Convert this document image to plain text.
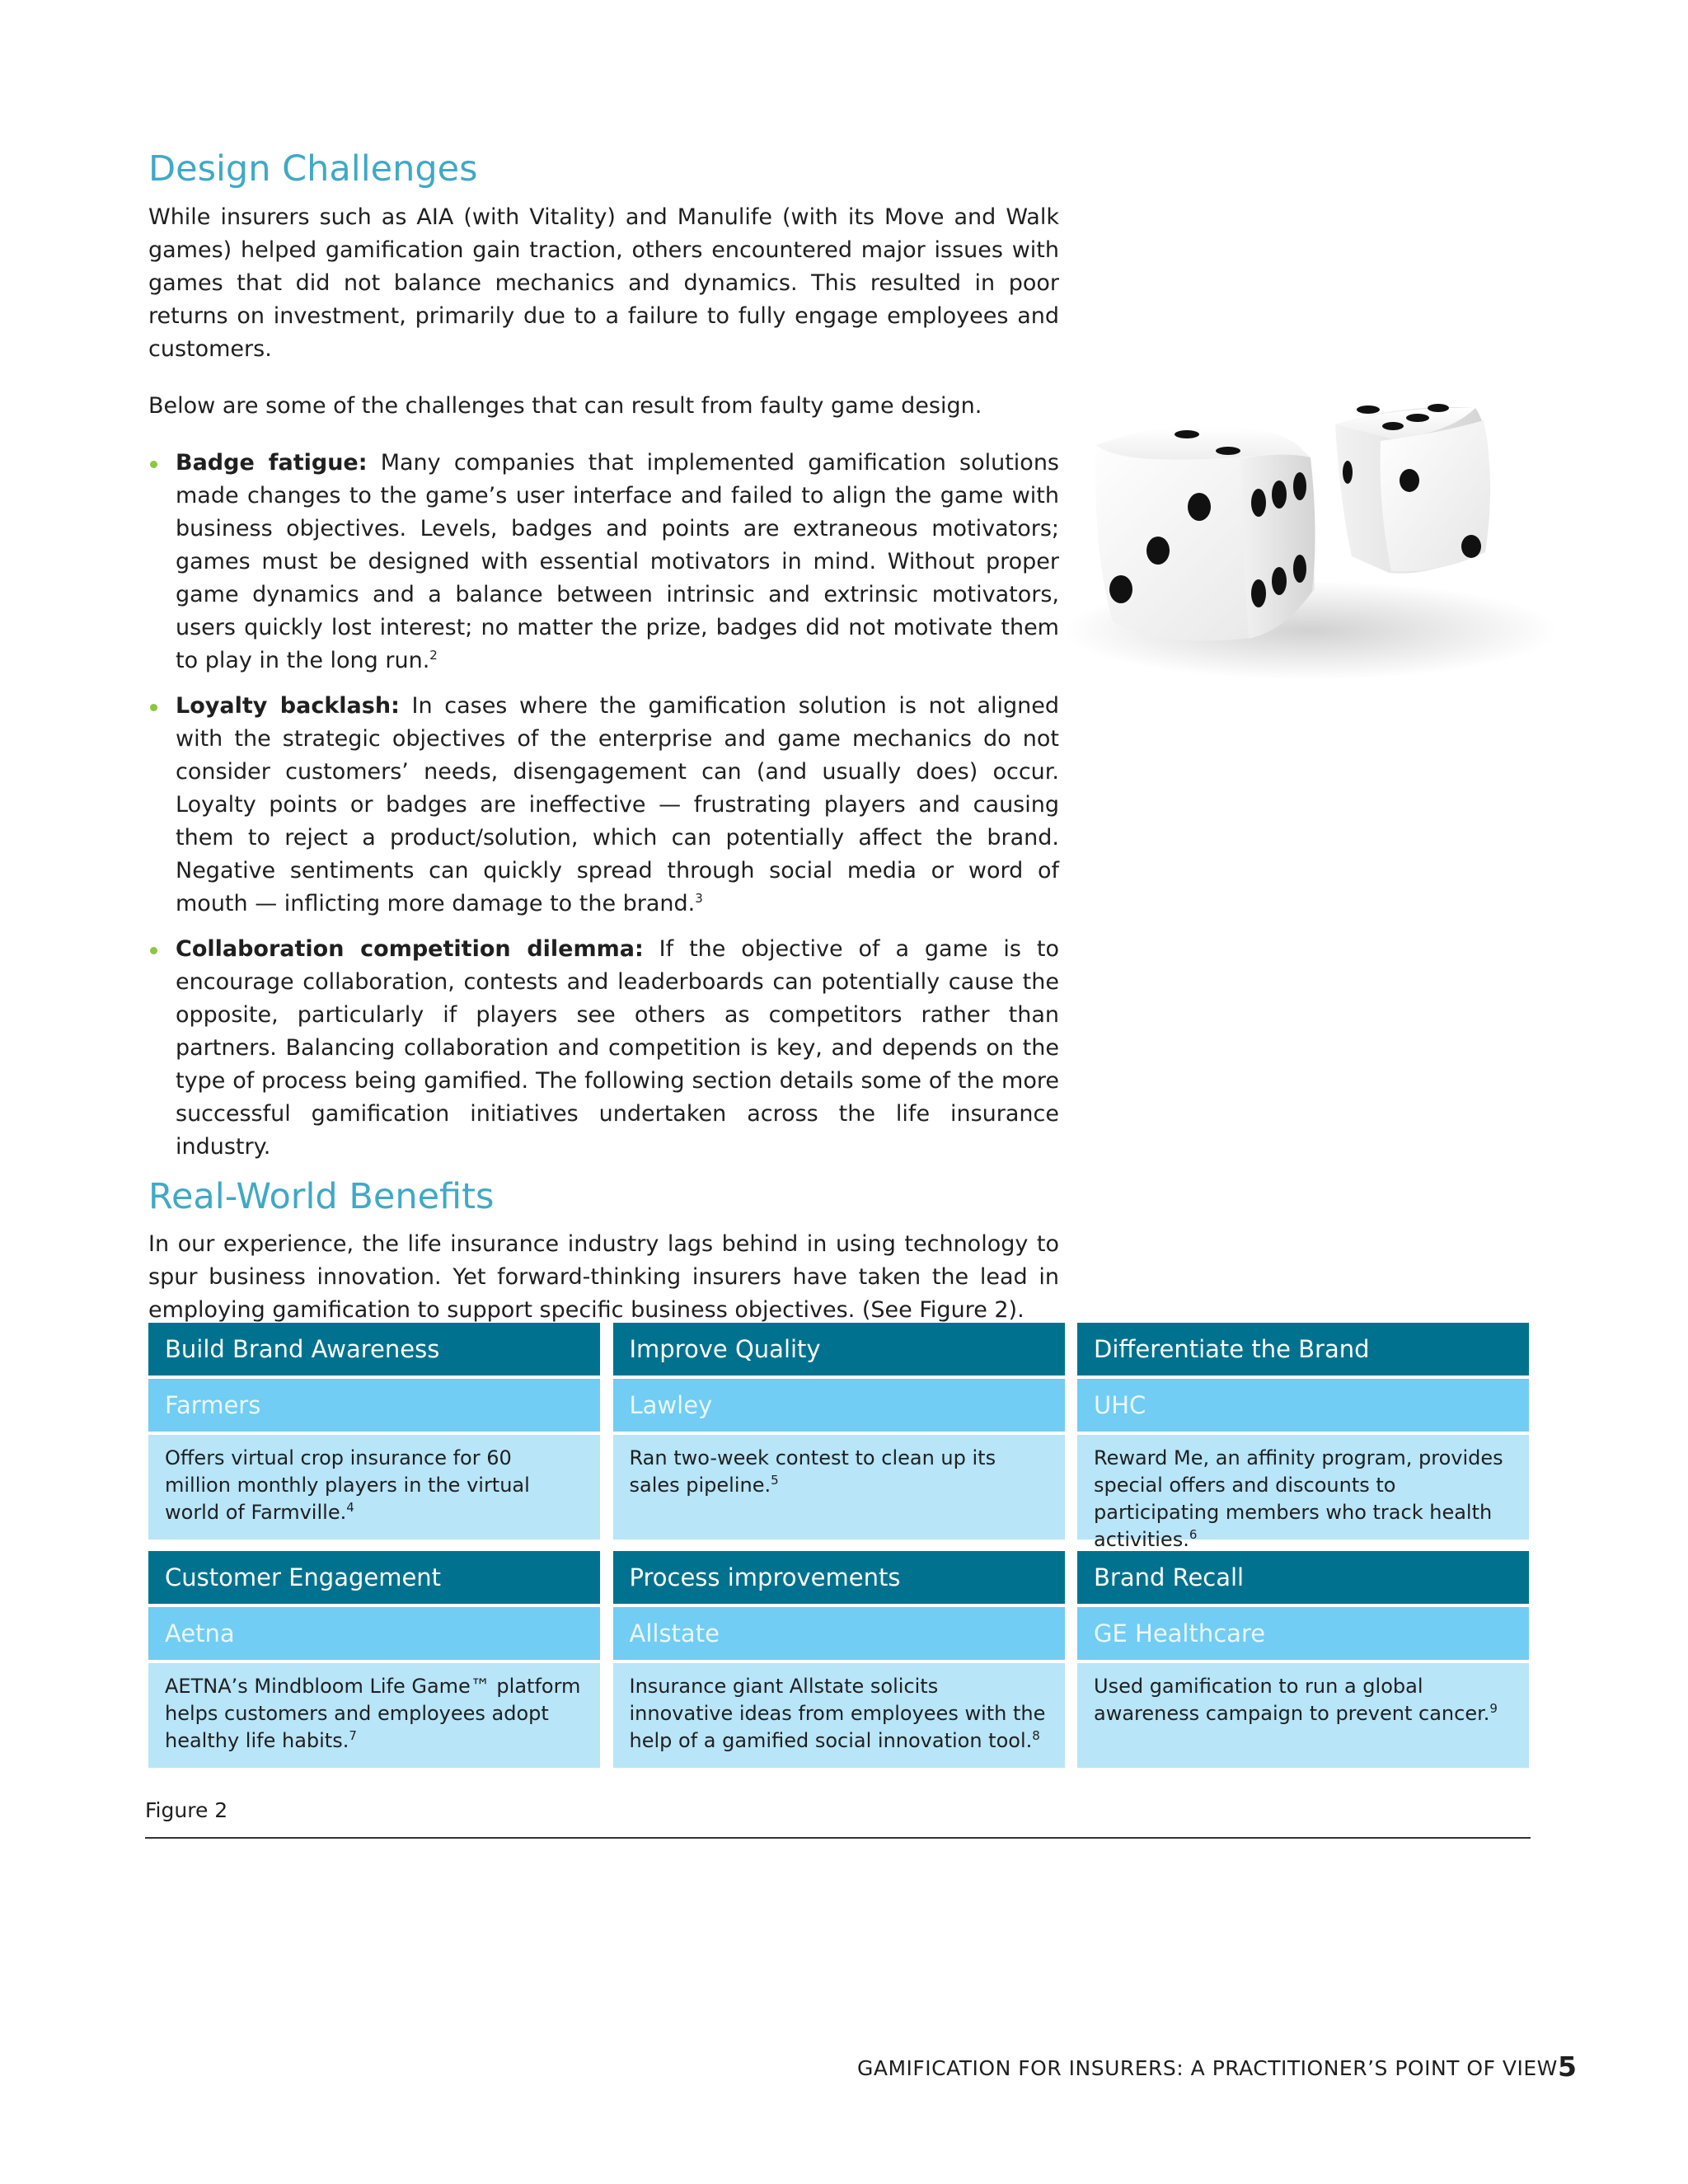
Design Challenges

While insurers such as AIA (with Vitality) and Manulife (with its Move and Walk games) helped gamification gain traction, others encountered major issues with games that did not balance mechanics and dynamics. This resulted in poor returns on investment, primarily due to a failure to fully engage employees and customers.

Below are some of the challenges that can result from faulty game design.

Badge fatigue: Many companies that implemented gamification solutions made changes to the game’s user interface and failed to align the game with business objectives. Levels, badges and points are extraneous motivators; games must be designed with essential motivators in mind. Without proper game dynamics and a balance between intrinsic and extrinsic motivators, users quickly lost interest; no matter the prize, badges did not motivate them to play in the long run.$^2$
Loyalty backlash: In cases where the gamification solution is not aligned with the strategic objectives of the enterprise and game mechanics do not consider customers’ needs, disengagement can (and usually does) occur. Loyalty points or badges are ineffective — frustrating players and causing them to reject a product/solution, which can potentially affect the brand. Negative sentiments can quickly spread through social media or word of mouth — inflicting more damage to the brand.$^3$
Collaboration competition dilemma: If the objective of a game is to encourage collaboration, contests and leaderboards can potentially cause the opposite, particularly if players see others as competitors rather than partners. Balancing collaboration and competition is key, and depends on the type of process being gamified. The following section details some of the more successful gamification initiatives undertaken across the life insurance industry.
Real-World Benefits

In our experience, the life insurance industry lags behind in using technology to spur business innovation. Yet forward-thinking insurers have taken the lead in employing gamification to support specific business objectives. (See Figure 2).

Build Brand Awareness
Farmers
Offers virtual crop insurance for 60 million monthly players in the virtual world of Farmville.$^4$
Improve Quality
Lawley
Ran two-week contest to clean up its sales pipeline.$^5$
Differentiate the Brand
UHC
Reward Me, an affinity program, provides special offers and discounts to participating members who track health activities.$^6$
Customer Engagement
Aetna
AETNA’s Mindbloom Life Game™ platform helps customers and employees adopt healthy life habits.$^7$
Process improvements
Allstate
Insurance giant Allstate solicits innovative ideas from employees with the help of a gamified social innovation tool.$^8$
Brand Recall
GE Healthcare
Used gamification to run a global awareness campaign to prevent cancer.$^9$
Figure 2
GAMIFICATION FOR INSURERS: A PRACTITIONER’S POINT OF VIEW 5
